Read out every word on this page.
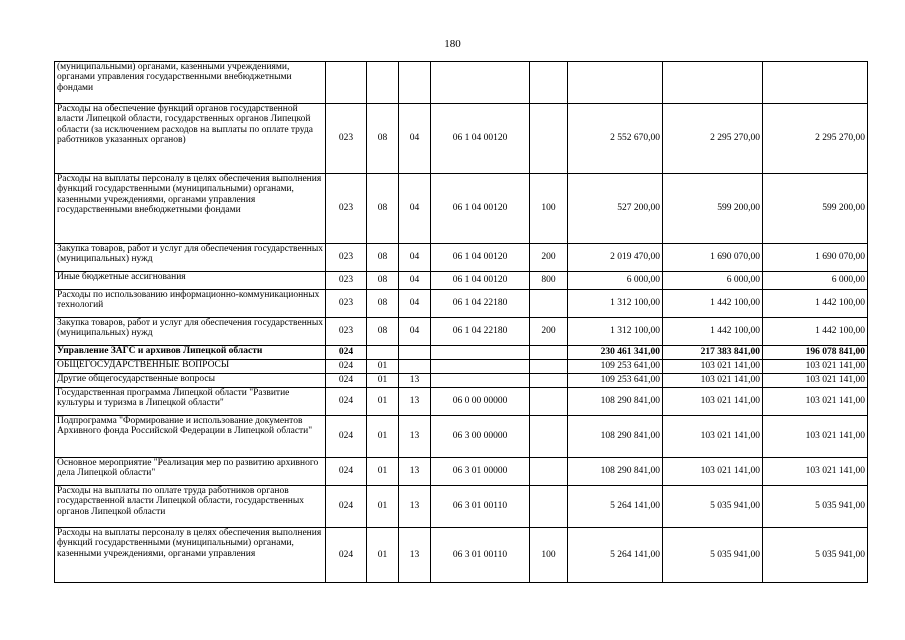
180
(муниципальными) органами, казенными учреждениями, органами управления государственными внебюджетными фондами								
Расходы на обеспечение функций органов государственной власти Липецкой области, государственных органов Липецкой области (за исключением расходов на выплаты по оплате труда работников указанных органов)	023	08	04	06 1 04 00120		2 552 670,00	2 295 270,00	2 295 270,00
Расходы на выплаты персоналу в целях обеспечения выполнения функций государственными (муниципальными) органами, казенными учреждениями, органами управления государственными внебюджетными фондами	023	08	04	06 1 04 00120	100	527 200,00	599 200,00	599 200,00
Закупка товаров, работ и услуг для обеспечения государственных (муниципальных) нужд	023	08	04	06 1 04 00120	200	2 019 470,00	1 690 070,00	1 690 070,00
Иные бюджетные ассигнования	023	08	04	06 1 04 00120	800	6 000,00	6 000,00	6 000,00
Расходы по использованию информационно-коммуникационных технологий	023	08	04	06 1 04 22180		1 312 100,00	1 442 100,00	1 442 100,00
Закупка товаров, работ и услуг для обеспечения государственных (муниципальных) нужд	023	08	04	06 1 04 22180	200	1 312 100,00	1 442 100,00	1 442 100,00
Управление ЗАГС и архивов Липецкой области	024					230 461 341,00	217 383 841,00	196 078 841,00
ОБЩЕГОСУДАРСТВЕННЫЕ ВОПРОСЫ	024	01				109 253 641,00	103 021 141,00	103 021 141,00
Другие общегосударственные вопросы	024	01	13			109 253 641,00	103 021 141,00	103 021 141,00
Государственная программа Липецкой области "Развитие культуры и туризма в Липецкой области"	024	01	13	06 0 00 00000		108 290 841,00	103 021 141,00	103 021 141,00
Подпрограмма "Формирование и использование документов Архивного фонда Российской Федерации в Липецкой области"	024	01	13	06 3 00 00000		108 290 841,00	103 021 141,00	103 021 141,00
Основное мероприятие "Реализация мер по развитию архивного дела Липецкой области"	024	01	13	06 3 01 00000		108 290 841,00	103 021 141,00	103 021 141,00
Расходы на выплаты по оплате труда работников органов государственной власти Липецкой области, государственных органов Липецкой области	024	01	13	06 3 01 00110		5 264 141,00	5 035 941,00	5 035 941,00
Расходы на выплаты персоналу в целях обеспечения выполнения функций государственными (муниципальными) органами, казенными учреждениями, органами управления	024	01	13	06 3 01 00110	100	5 264 141,00	5 035 941,00	5 035 941,00
